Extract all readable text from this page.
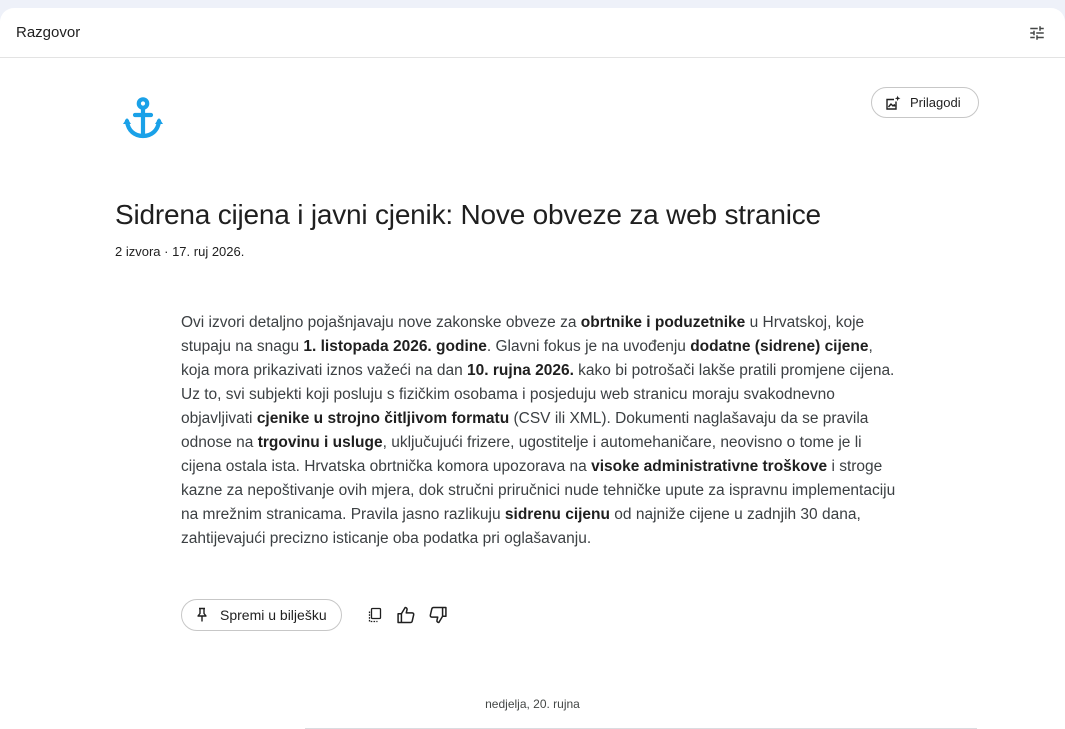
Razgovor
Prilagodi
Sidrena cijena i javni cjenik: Nove obveze za web stranice
2 izvora · 17. ruj 2026.

Ovi izvori detaljno pojašnjavaju nove zakonske obveze za obrtnike i poduzetnike u Hrvatskoj, koje stupaju na snagu 1. listopada 2026. godine. Glavni fokus je na uvođenju dodatne (sidrene) cijene, koja mora prikazivati iznos važeći na dan 10. rujna 2026. kako bi potrošači lakše pratili promjene cijena. Uz to, svi subjekti koji posluju s fizičkim osobama i posjeduju web stranicu moraju svakodnevno objavljivati cjenike u strojno čitljivom formatu (CSV ili XML). Dokumenti naglašavaju da se pravila odnose na trgovinu i usluge, uključujući frizere, ugostitelje i automehaničare, neovisno o tome je li cijena ostala ista. Hrvatska obrtnička komora upozorava na visoke administrativne troškove i stroge kazne za nepoštivanje ovih mjera, dok stručni priručnici nude tehničke upute za ispravnu implementaciju na mrežnim stranicama. Pravila jasno razlikuju sidrenu cijenu od najniže cijene u zadnjih 30 dana, zahtijevajući precizno isticanje oba podatka pri oglašavanju.

Spremi u bilješku
nedjelja, 20. rujna
